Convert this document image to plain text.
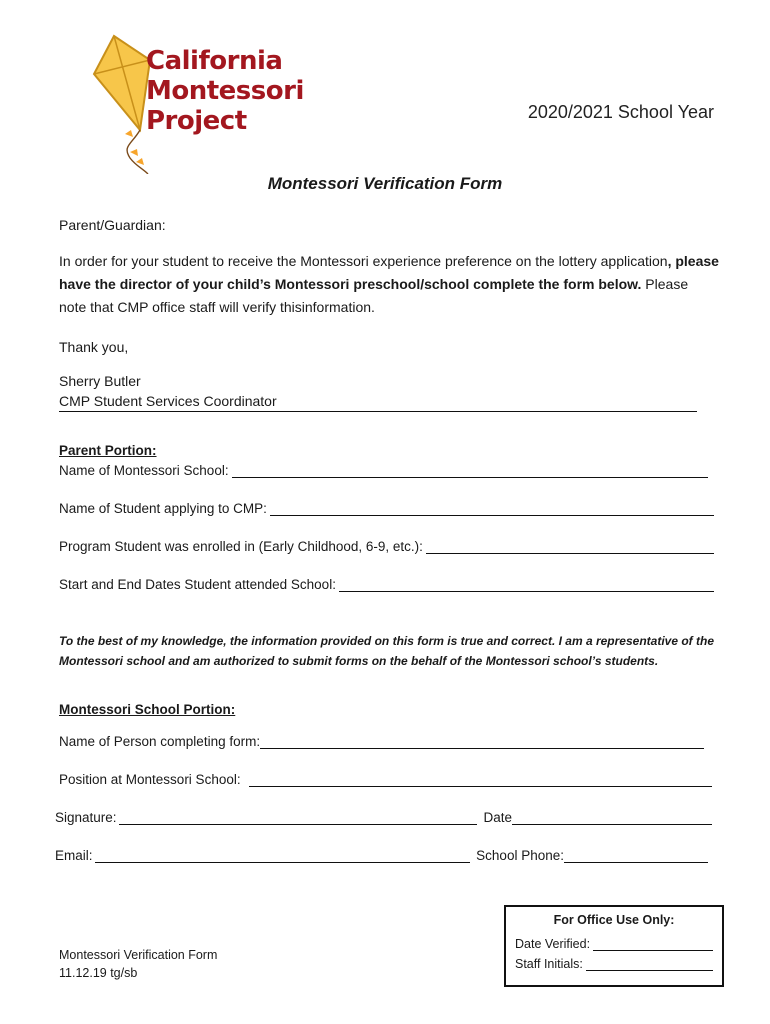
California
Montessori
Project	2020/2021 School Year
Montessori Verification Form
Parent/Guardian:
In order for your student to receive the Montessori experience preference on the lottery application, please have the director of your child’s Montessori preschool/school complete the form below. Please note that CMP office staff will verify thisinformation.
Thank you,
Sherry Butler
CMP Student Services Coordinator
Parent Portion:
Name of Montessori School:
Name of Student applying to CMP:
Program Student was enrolled in (Early Childhood, 6-9, etc.):
Start and End Dates Student attended School:
To the best of my knowledge, the information provided on this form is true and correct. I am a representative of the Montessori school and am authorized to submit forms on the behalf of the Montessori school’s students.
Montessori School Portion:
Name of Person completing form:
Position at Montessori School:
Signature:	Date
Email:	School Phone:
Montessori Verification Form
11.12.19 tg/sb
For Office Use Only:
Date Verified:
Staff Initials:
